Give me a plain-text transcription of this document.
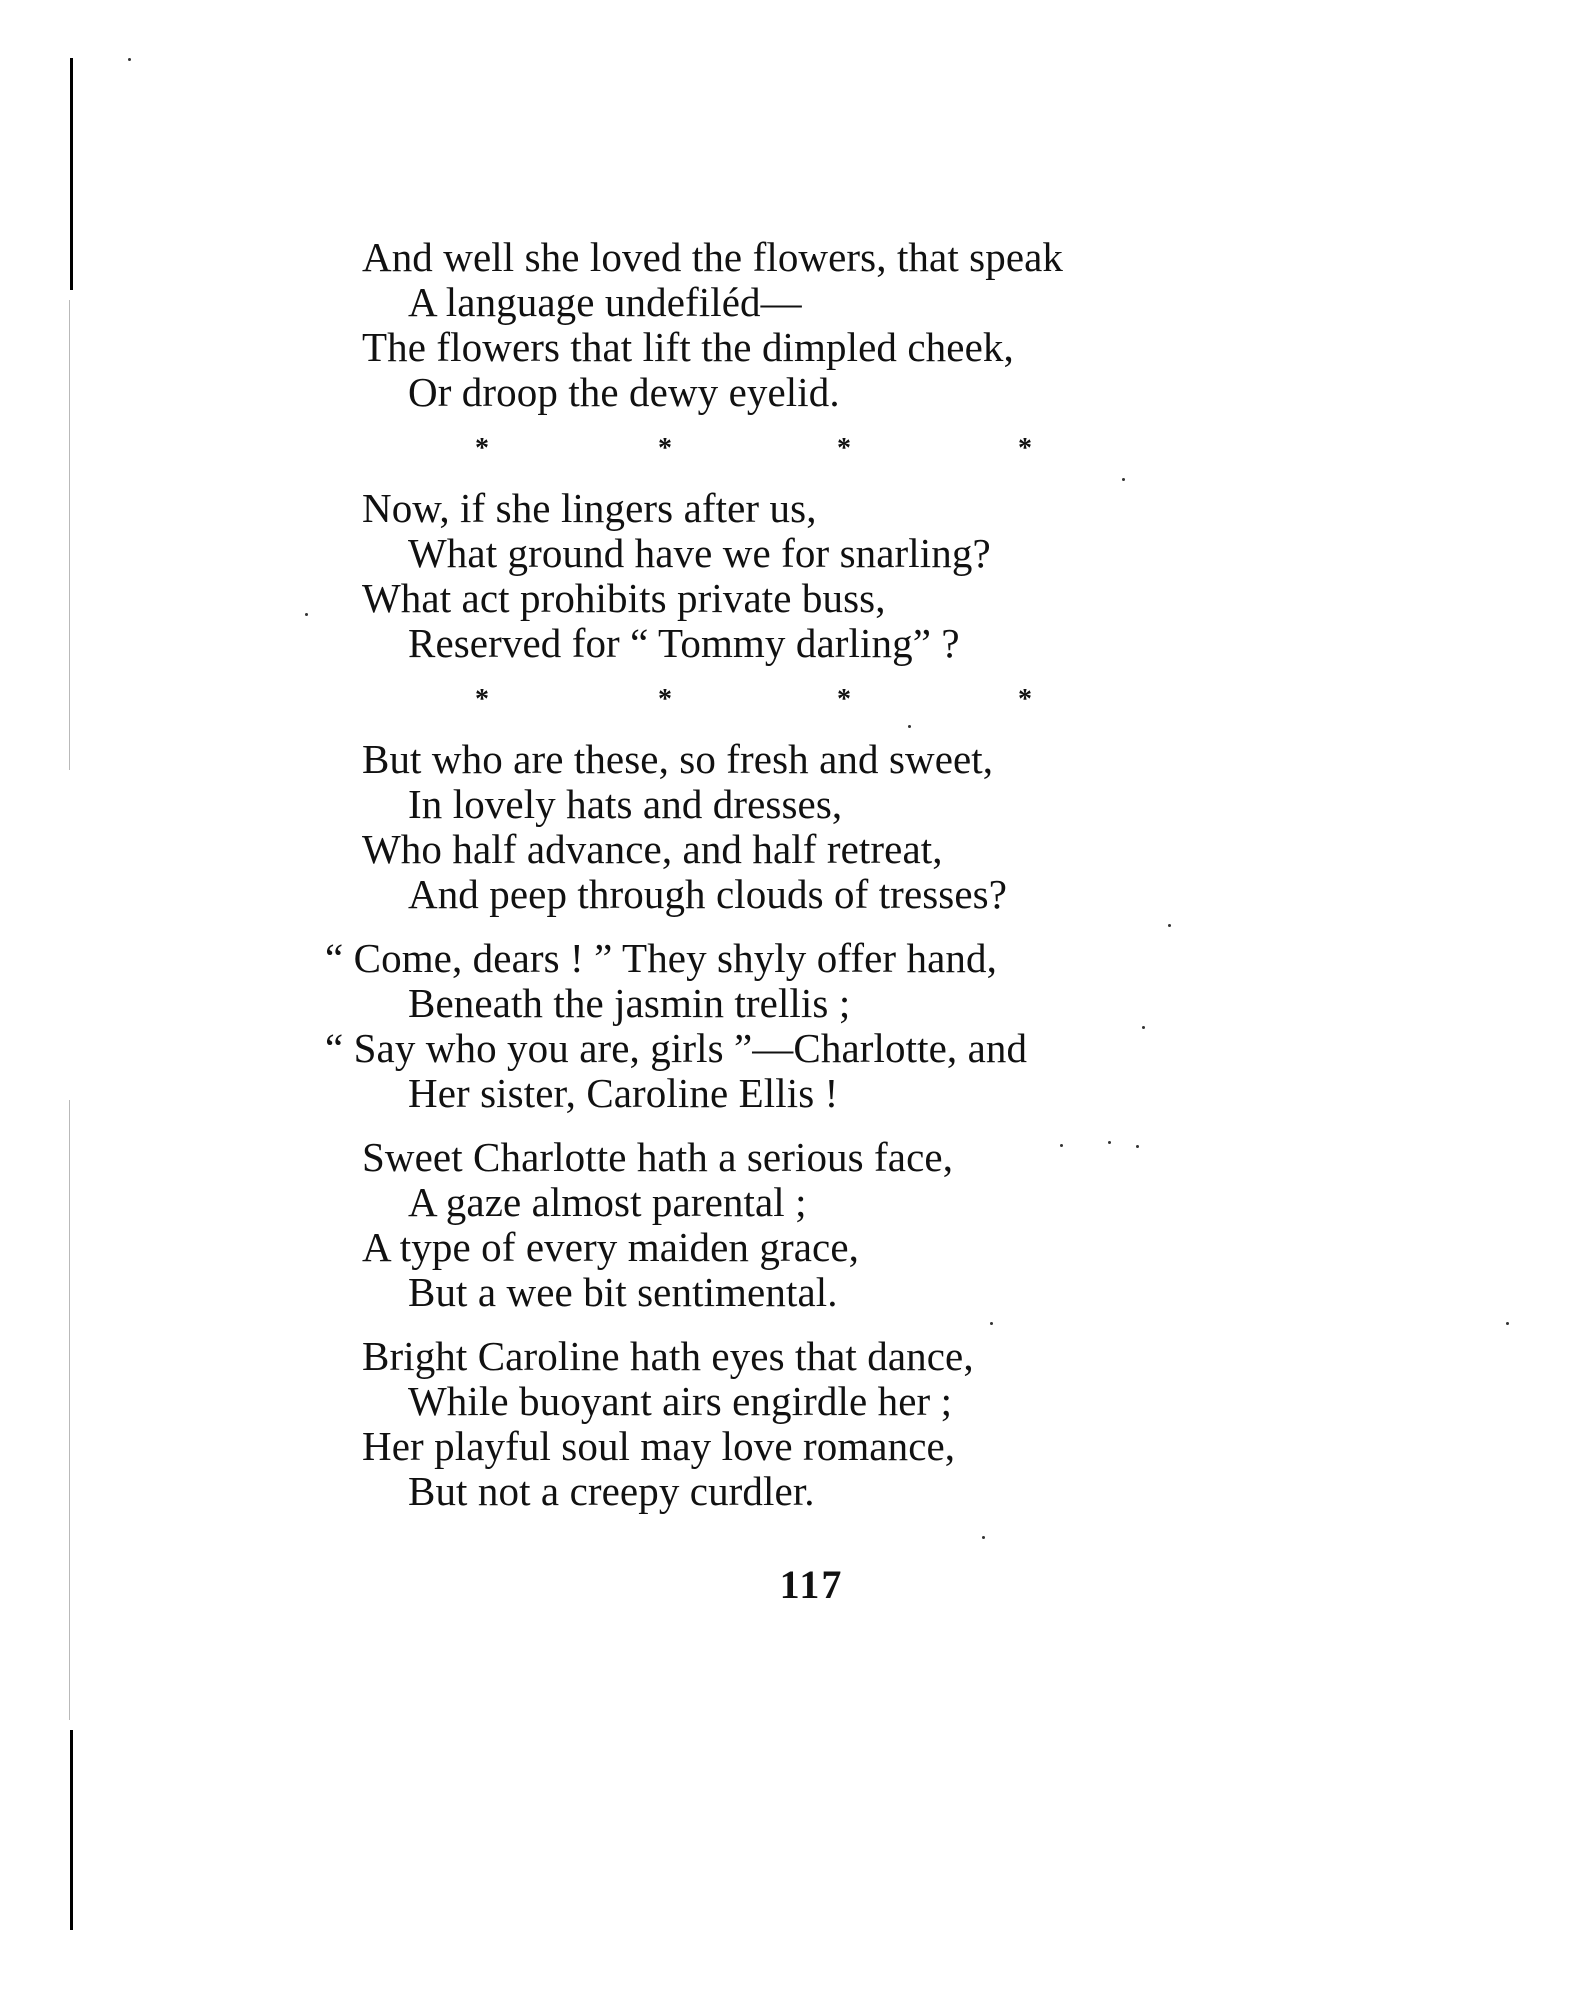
And well she loved the flowers, that speak
A language undefiléd—
The flowers that lift the dimpled cheek,
Or droop the dewy eyelid.
*	*	*	*
Now, if she lingers after us,
What ground have we for snarling?
What act prohibits private buss,
Reserved for “ Tommy darling” ?
*	*	*	*
But who are these, so fresh and sweet,
In lovely hats and dresses,
Who half advance, and half retreat,
And peep through clouds of tresses?
“ Come, dears ! ” They shyly offer hand,
Beneath the jasmin trellis ;
“ Say who you are, girls ”—Charlotte, and
Her sister, Caroline Ellis !
Sweet Charlotte hath a serious face,
A gaze almost parental ;
A type of every maiden grace,
But a wee bit sentimental.
Bright Caroline hath eyes that dance,
While buoyant airs engirdle her ;
Her playful soul may love romance,
But not a creepy curdler.
117
